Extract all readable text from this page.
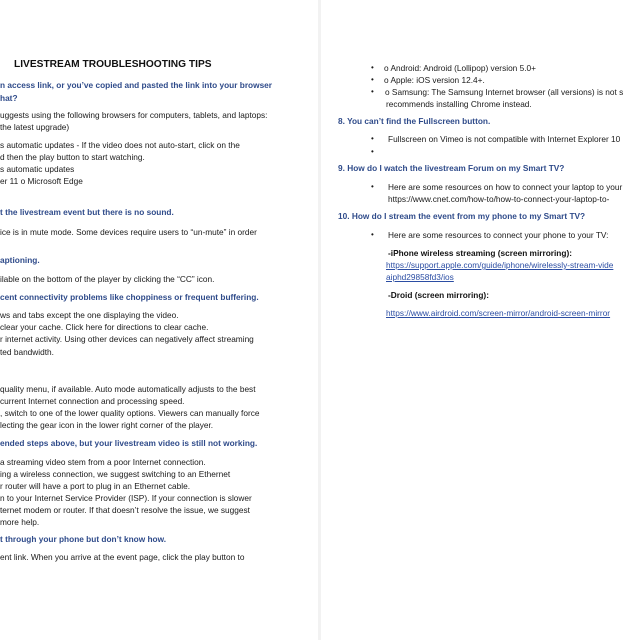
LIVESTREAM TROUBLESHOOTING TIPS
n access link, or you’ve copied and pasted the link into your browser
hat?
uggests using the following browsers for computers, tablets, and laptops:
the latest upgrade)
s automatic updates - If the video does not auto-start, click on the
d then the play button to start watching.
s automatic updates
er 11 o Microsoft Edge
t the livestream event but there is no sound.
ice is in mute mode. Some devices require users to “un-mute” in order
aptioning.
ilable on the bottom of the player by clicking the “CC” icon.
cent connectivity problems like choppiness or frequent buffering.
ws and tabs except the one displaying the video.
clear your cache. Click here for directions to clear cache.
r internet activity. Using other devices can negatively affect streaming
ted bandwidth.
quality menu, if available. Auto mode automatically adjusts to the best
current Internet connection and processing speed.
, switch to one of the lower quality options. Viewers can manually force
lecting the gear icon in the lower right corner of the player.
ended steps above, but your livestream video is still not working.
a streaming video stem from a poor Internet connection.
ing a wireless connection, we suggest switching to an Ethernet
r router will have a port to plug in an Ethernet cable.
n to your Internet Service Provider (ISP). If your connection is slower
ternet modem or router. If that doesn’t resolve the issue, we suggest
more help.
t through your phone but don’t know how.
ent link. When you arrive at the event page, click the play button to
• o Android: Android (Lollipop) version 5.0+
• o Apple: iOS version 12.4+.
• o Samsung: The Samsung Internet browser (all versions) is not s
recommends installing Chrome instead.
8. You can’t find the Fullscreen button.
• Fullscreen on Vimeo is not compatible with Internet Explorer 10
•
9. How do I watch the livestream Forum on my Smart TV?
• Here are some resources on how to connect your laptop to your
https://www.cnet.com/how-to/how-to-connect-your-laptop-to-
10. How do I stream the event from my phone to my Smart TV?
• Here are some resources to connect your phone to your TV:
-iPhone wireless streaming (screen mirroring):
https://support.apple.com/guide/iphone/wirelessly-stream-vide
aiphd29858fd3/ios
-Droid (screen mirroring):
https://www.airdroid.com/screen-mirror/android-screen-mirror
